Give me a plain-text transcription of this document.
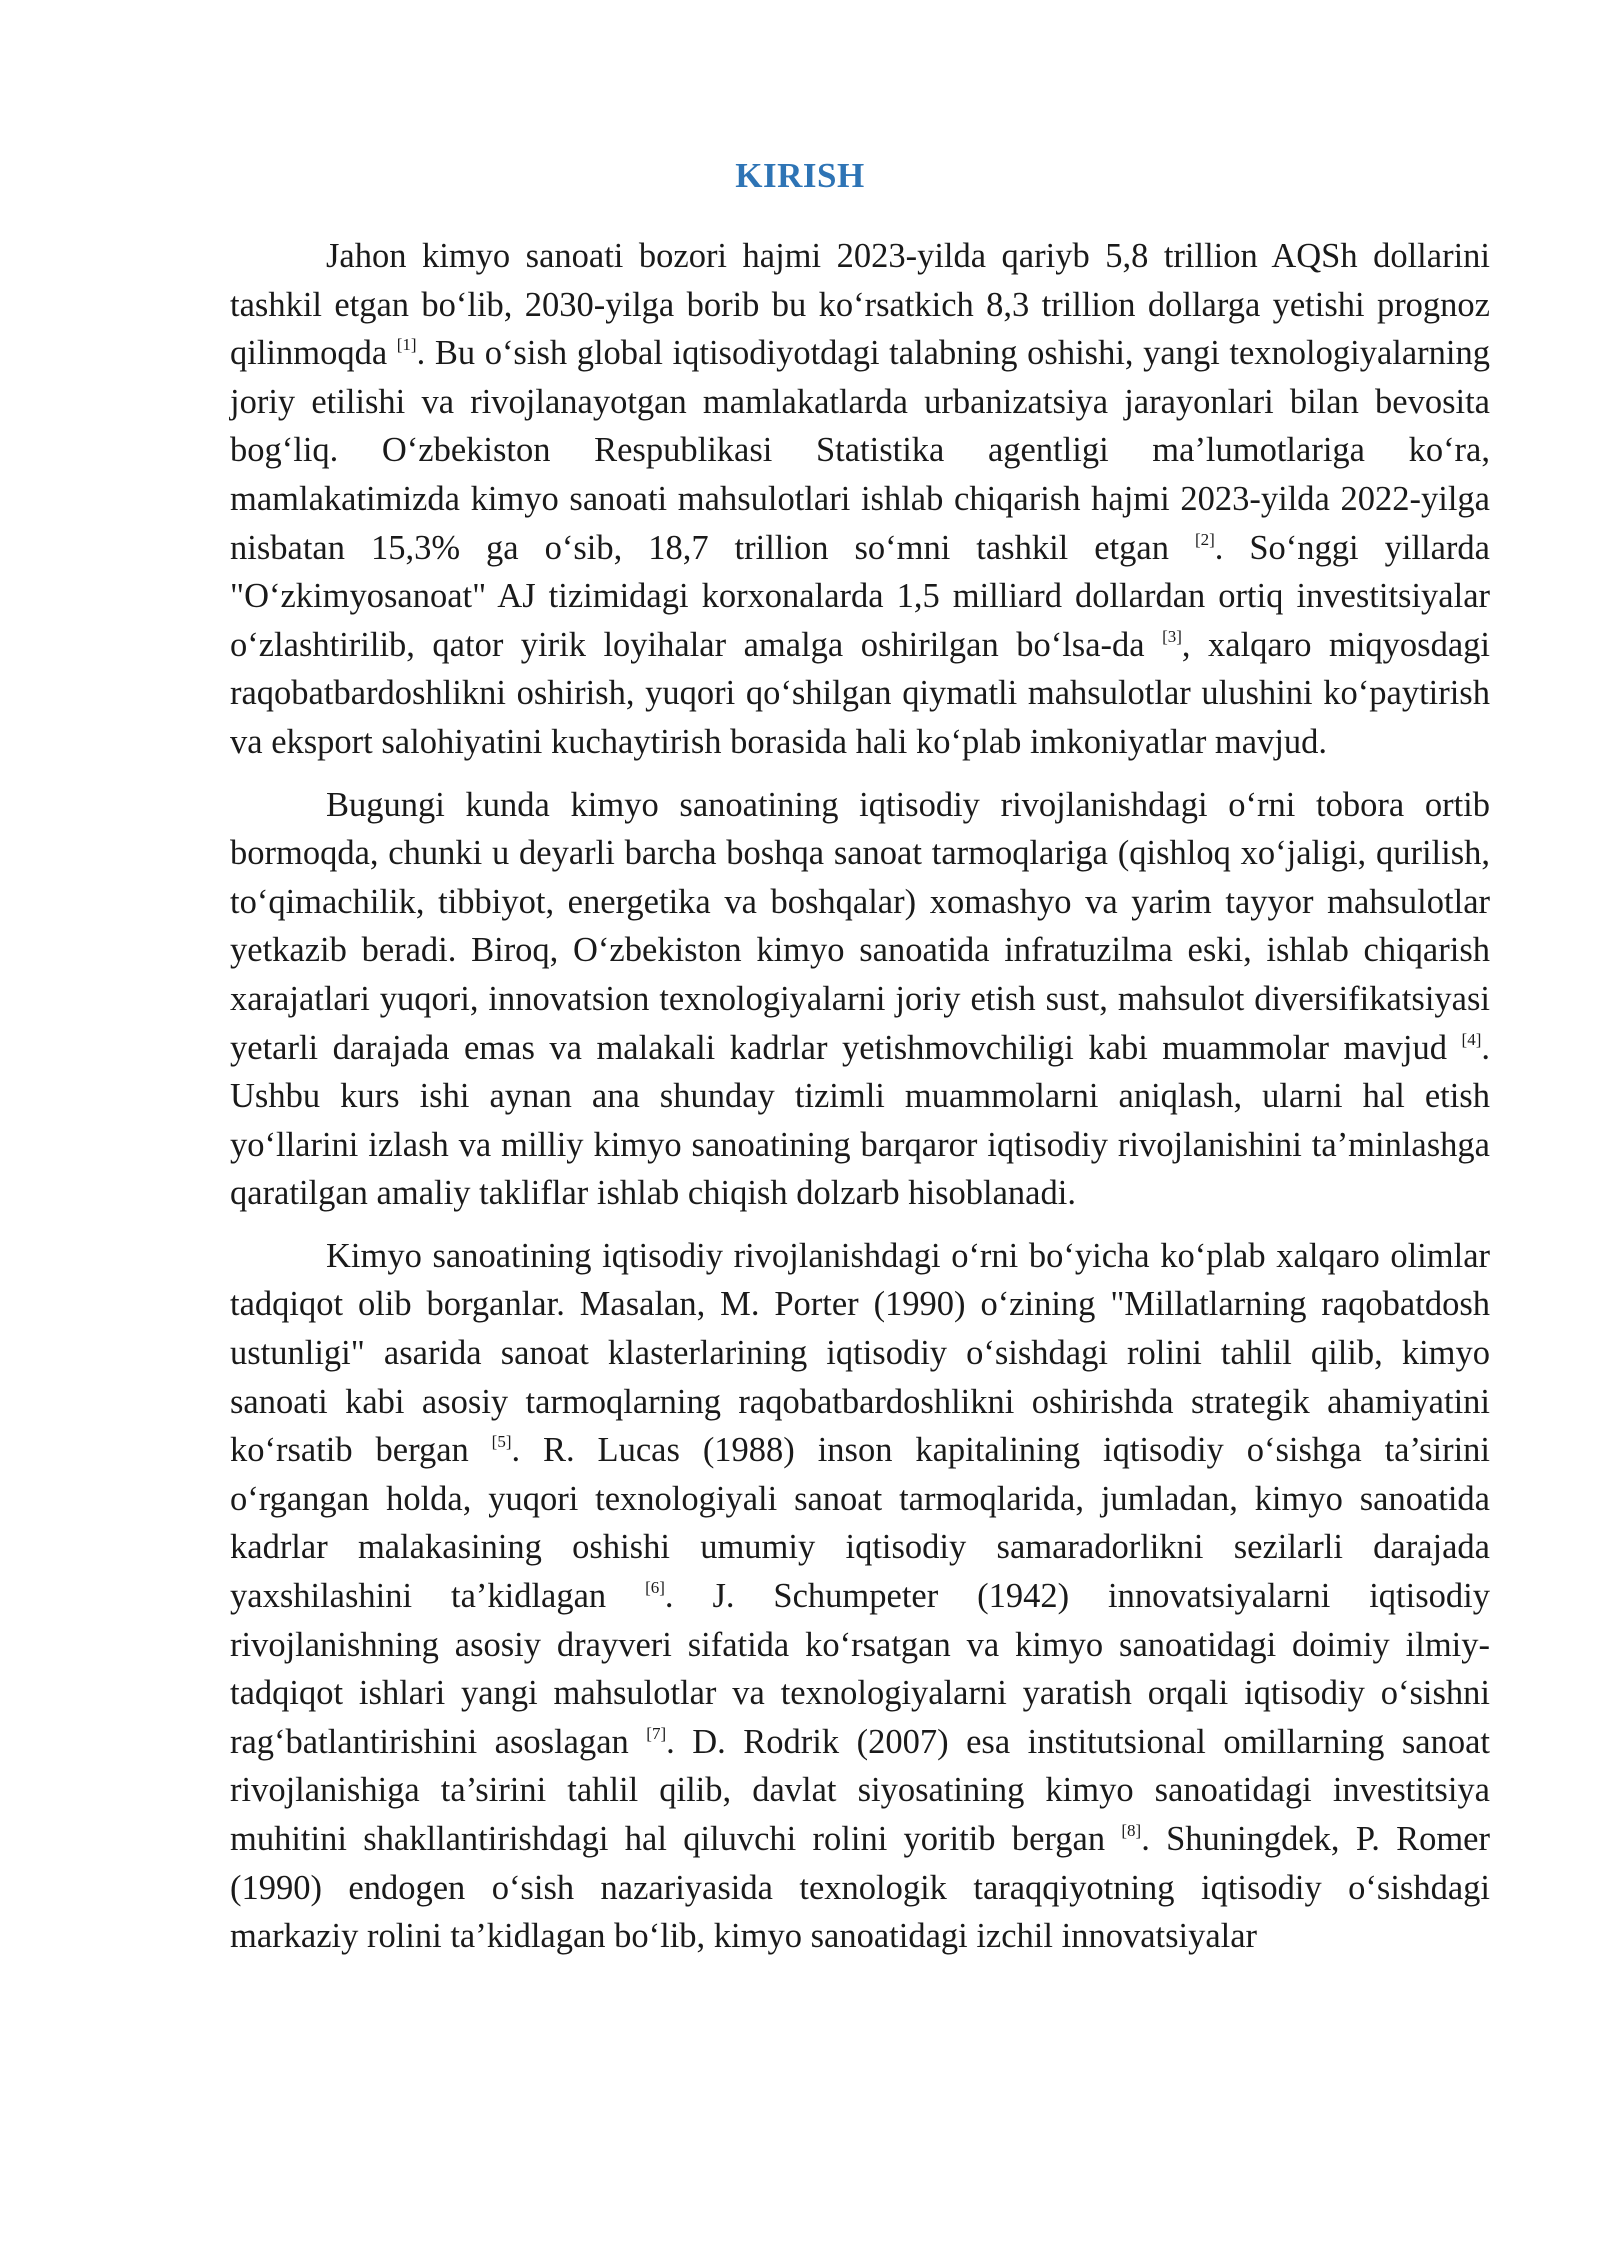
KIRISH

Jahon kimyo sanoati bozori hajmi 2023-yilda qariyb 5,8 trillion AQSh dollarini tashkil etgan bo‘lib, 2030-yilga borib bu ko‘rsatkich 8,3 trillion dollarga yetishi prognoz qilinmoqda [1]. Bu o‘sish global iqtisodiyotdagi talabning oshishi, yangi texnologiyalarning joriy etilishi va rivojlanayotgan mamlakatlarda urbanizatsiya jarayonlari bilan bevosita bog‘liq. O‘zbekiston Respublikasi Statistika agentligi ma’lumotlariga ko‘ra, mamlakatimizda kimyo sanoati mahsulotlari ishlab chiqarish hajmi 2023-yilda 2022-yilga nisbatan 15,3% ga o‘sib, 18,7 trillion so‘mni tashkil etgan [2]. So‘nggi yillarda "O‘zkimyosanoat" AJ tizimidagi korxonalarda 1,5 milliard dollardan ortiq investitsiyalar o‘zlashtirilib, qator yirik loyihalar amalga oshirilgan bo‘lsa-da [3], xalqaro miqyosdagi raqobatbardoshlikni oshirish, yuqori qo‘shilgan qiymatli mahsulotlar ulushini ko‘paytirish va eksport salohiyatini kuchaytirish borasida hali ko‘plab imkoniyatlar mavjud.

Bugungi kunda kimyo sanoatining iqtisodiy rivojlanishdagi o‘rni tobora ortib bormoqda, chunki u deyarli barcha boshqa sanoat tarmoqlariga (qishloq xo‘jaligi, qurilish, to‘qimachilik, tibbiyot, energetika va boshqalar) xomashyo va yarim tayyor mahsulotlar yetkazib beradi. Biroq, O‘zbekiston kimyo sanoatida infratuzilma eski, ishlab chiqarish xarajatlari yuqori, innovatsion texnologiyalarni joriy etish sust, mahsulot diversifikatsiyasi yetarli darajada emas va malakali kadrlar yetishmovchiligi kabi muammolar mavjud [4]. Ushbu kurs ishi aynan ana shunday tizimli muammolarni aniqlash, ularni hal etish yo‘llarini izlash va milliy kimyo sanoatining barqaror iqtisodiy rivojlanishini ta’minlashga qaratilgan amaliy takliflar ishlab chiqish dolzarb hisoblanadi.

Kimyo sanoatining iqtisodiy rivojlanishdagi o‘rni bo‘yicha ko‘plab xalqaro olimlar tadqiqot olib borganlar. Masalan, M. Porter (1990) o‘zining "Millatlarning raqobatdosh ustunligi" asarida sanoat klasterlarining iqtisodiy o‘sishdagi rolini tahlil qilib, kimyo sanoati kabi asosiy tarmoqlarning raqobatbardoshlikni oshirishda strategik ahamiyatini ko‘rsatib bergan [5]. R. Lucas (1988) inson kapitalining iqtisodiy o‘sishga ta’sirini o‘rgangan holda, yuqori texnologiyali sanoat tarmoqlarida, jumladan, kimyo sanoatida kadrlar malakasining oshishi umumiy iqtisodiy samaradorlikni sezilarli darajada yaxshilashini ta’kidlagan [6]. J. Schumpeter (1942) innovatsiyalarni iqtisodiy rivojlanishning asosiy drayveri sifatida ko‘rsatgan va kimyo sanoatidagi doimiy ilmiy-tadqiqot ishlari yangi mahsulotlar va texnologiyalarni yaratish orqali iqtisodiy o‘sishni rag‘batlantirishini asoslagan [7]. D. Rodrik (2007) esa institutsional omillarning sanoat rivojlanishiga ta’sirini tahlil qilib, davlat siyosatining kimyo sanoatidagi investitsiya muhitini shakllantirishdagi hal qiluvchi rolini yoritib bergan [8]. Shuningdek, P. Romer (1990) endogen o‘sish nazariyasida texnologik taraqqiyotning iqtisodiy o‘sishdagi markaziy rolini ta’kidlagan bo‘lib, kimyo sanoatidagi izchil innovatsiyalar
